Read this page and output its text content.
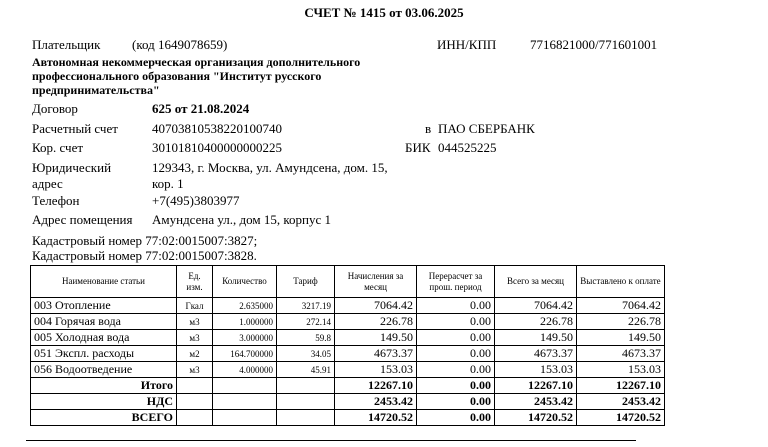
СЧЕТ № 1415 от 03.06.2025
Плательщик (код 1649078659)	ИНН/КПП	7716821000/771601001
Автономная некоммерческая организация дополнительного профессионального образования "Институт русского предпринимательства"
Договор	625 от 21.08.2024
Расчетный счет	40703810538220100740	в ПАО СБЕРБАНК
Кор. счет	30101810400000000225	БИК 044525225
Юридический
адрес
129343, г. Москва, ул. Амундсена, дом. 15,
кор. 1
Телефон	+7(495)3803977
Адрес помещения Амундсена ул., дом 15, корпус 1
Кадастровый номер 77:02:0015007:3827;
Кадастровый номер 77:02:0015007:3828.
Наименование статьи	Ед. изм.	Количество	Тариф	Начисления за месяц	Перерасчет за прош. период	Всего за месяц	Выставлено к оплате
003 Отопление	Гкал	2.635000	3217.19	7064.42	0.00	7064.42	7064.42
004 Горячая вода	м3	1.000000	272.14	226.78	0.00	226.78	226.78
005 Холодная вода	м3	3.000000	59.8	149.50	0.00	149.50	149.50
051 Экспл. расходы	м2	164.700000	34.05	4673.37	0.00	4673.37	4673.37
056 Водоотведение	м3	4.000000	45.91	153.03	0.00	153.03	153.03
Итого				12267.10	0.00	12267.10	12267.10
НДС				2453.42	0.00	2453.42	2453.42
ВСЕГО				14720.52	0.00	14720.52	14720.52
